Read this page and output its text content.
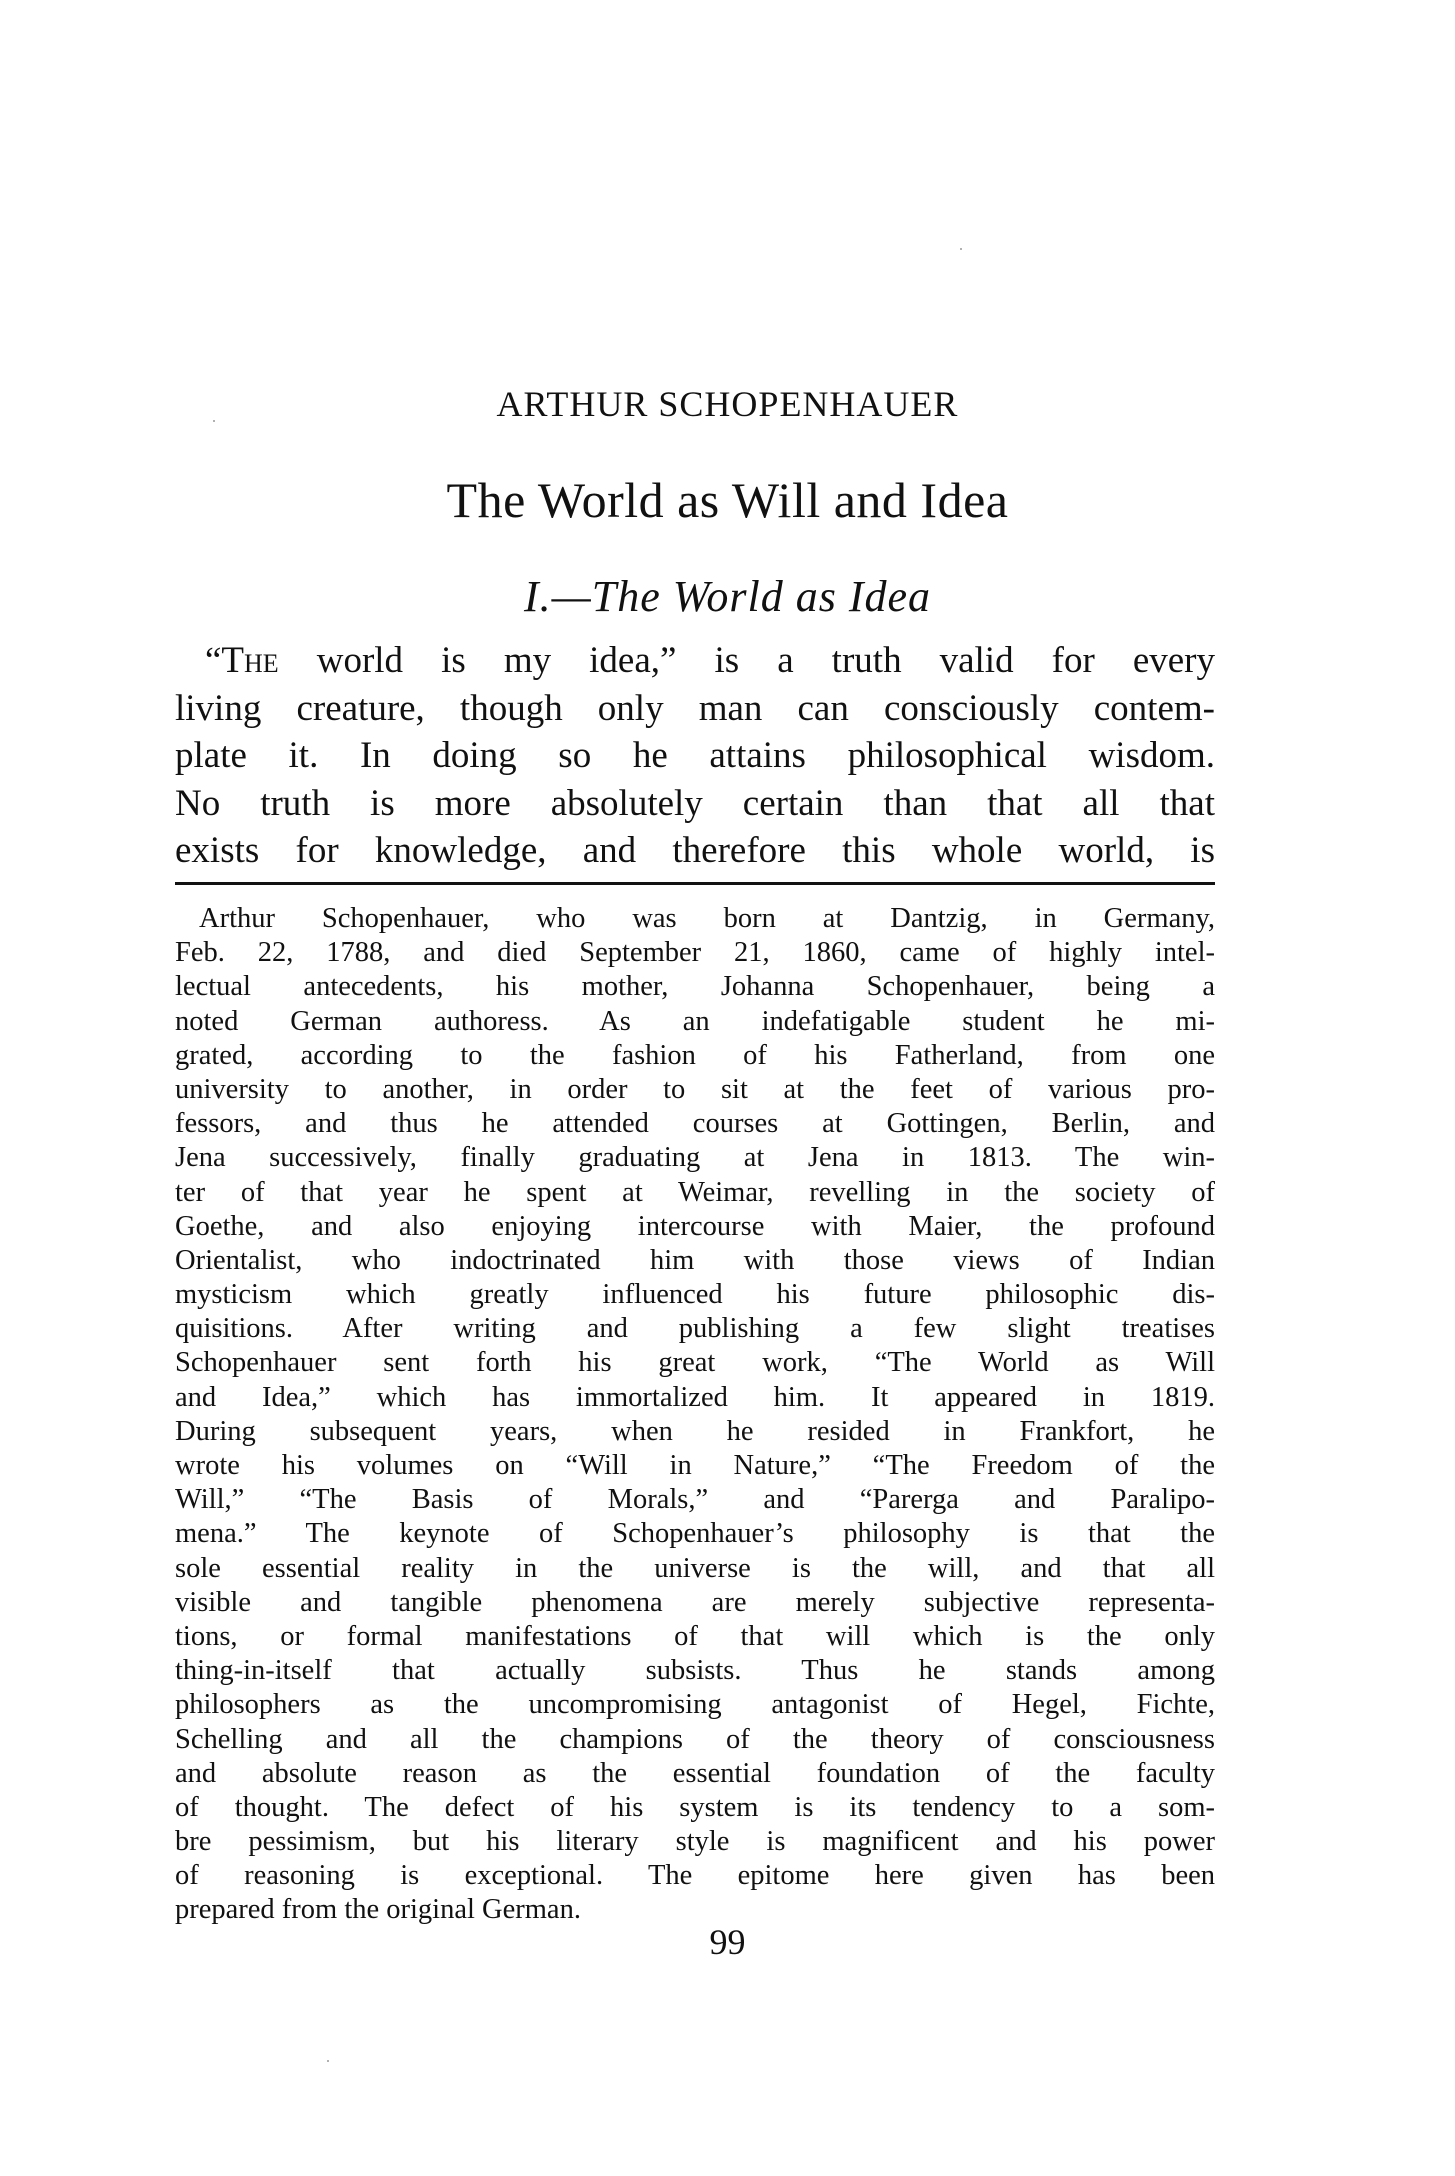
ARTHUR SCHOPENHAUER
The World as Will and Idea
I.—The World as Idea
“The world is my idea,” is a truth valid for every
living creature, though only man can consciously contem-
plate it. In doing so he attains philosophical wisdom.
No truth is more absolutely certain than that all that
exists for knowledge, and therefore this whole world, is
Arthur Schopenhauer, who was born at Dantzig, in Germany,
Feb. 22, 1788, and died September 21, 1860, came of highly intel-
lectual antecedents, his mother, Johanna Schopenhauer, being a
noted German authoress. As an indefatigable student he mi-
grated, according to the fashion of his Fatherland, from one
university to another, in order to sit at the feet of various pro-
fessors, and thus he attended courses at Gottingen, Berlin, and
Jena successively, finally graduating at Jena in 1813. The win-
ter of that year he spent at Weimar, revelling in the society of
Goethe, and also enjoying intercourse with Maier, the profound
Orientalist, who indoctrinated him with those views of Indian
mysticism which greatly influenced his future philosophic dis-
quisitions. After writing and publishing a few slight treatises
Schopenhauer sent forth his great work, “The World as Will
and Idea,” which has immortalized him. It appeared in 1819.
During subsequent years, when he resided in Frankfort, he
wrote his volumes on “Will in Nature,” “The Freedom of the
Will,” “The Basis of Morals,” and “Parerga and Paralipo-
mena.” The keynote of Schopenhauer’s philosophy is that the
sole essential reality in the universe is the will, and that all
visible and tangible phenomena are merely subjective representa-
tions, or formal manifestations of that will which is the only
thing-in-itself that actually subsists. Thus he stands among
philosophers as the uncompromising antagonist of Hegel, Fichte,
Schelling and all the champions of the theory of consciousness
and absolute reason as the essential foundation of the faculty
of thought. The defect of his system is its tendency to a som-
bre pessimism, but his literary style is magnificent and his power
of reasoning is exceptional. The epitome here given has been
prepared from the original German.
99
